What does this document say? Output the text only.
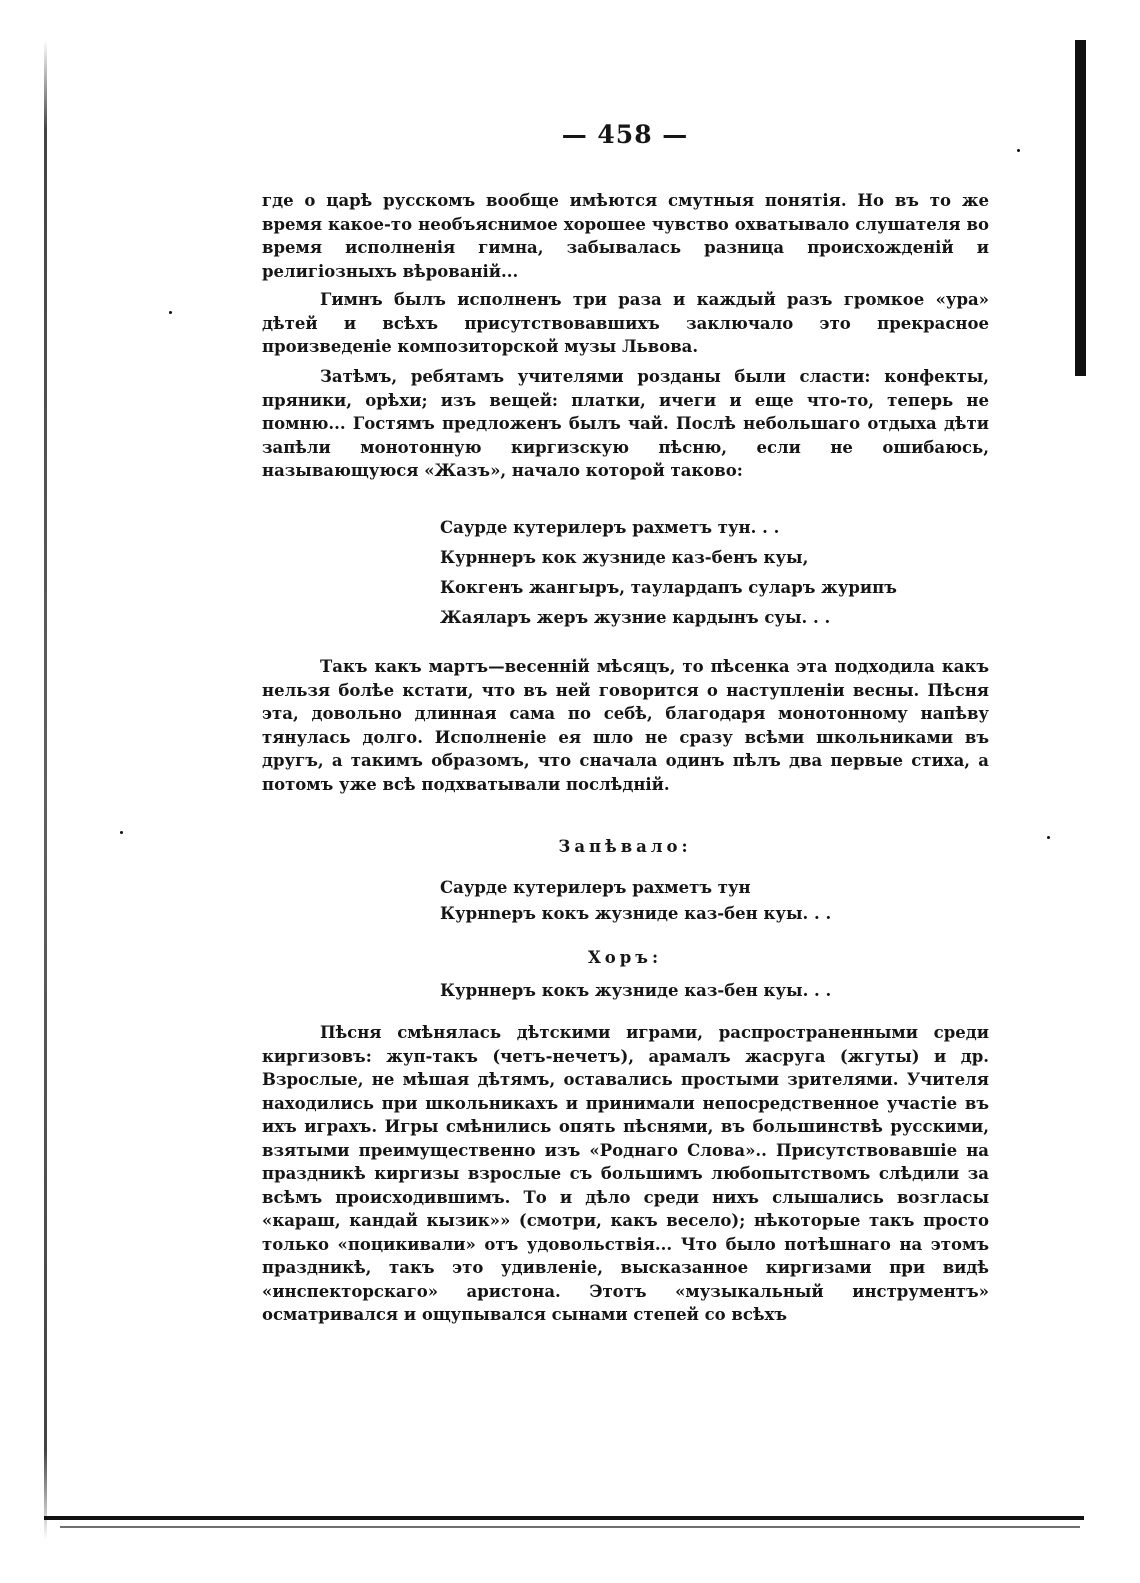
— 458 —

где о царѣ русскомъ вообще имѣются смутныя понятія. Но въ то же время какое-то необъяснимое хорошее чувство охватывало слушателя во время исполненія гимна, забывалась разница происхожденій и религіозныхъ вѣрованій...

Гимнъ былъ исполненъ три раза и каждый разъ громкое «ура» дѣтей и всѣхъ присутствовавшихъ заключало это прекрасное произведеніе композиторской музы Львова.

Затѣмъ, ребятамъ учителями розданы были сласти: конфекты, пряники, орѣхи; изъ вещей: платки, ичеги и еще что-то, теперь не помню... Гостямъ предложенъ былъ чай. Послѣ небольшаго отдыха дѣти запѣли монотонную киргизскую пѣсню, если не ошибаюсь, называющуюся «Жазъ», начало которой таково:

Саурде кутерилеръ рахметъ тун. . .
Курннеръ кок жузниде каз-бенъ куы,
Кокгенъ жангыръ, таулардапъ суларъ журипъ
Жаялаpъ жеръ жузние кардынъ суы. . .

Такъ какъ мартъ—весенній мѣсяцъ, то пѣсенка эта подходила какъ нельзя болѣе кстати, что въ ней говорится о наступленіи весны. Пѣсня эта, довольно длинная сама по себѣ, благодаря монотонному напѣву тянулась долго. Исполненіе ея шло не сразу всѣми школьниками въ другъ, а такимъ образомъ, что сначала одинъ пѣлъ два первые стиха, а потомъ уже всѣ подхватывали послѣдній.

Запѣвало:
Саурде кутерилеръ рахметъ тун
Курнnеръ кокъ жузниде каз-бен куы. . .
Хоръ:
Курннеръ кокъ жузниде каз-бен куы. . .

Пѣсня смѣнялась дѣтскими играми, распространенными среди киргизовъ: жуп-такъ (четъ-нечетъ), арамалъ жасруга (жгуты) и др. Взрослые, не мѣшая дѣтямъ, оставались простыми зрителями. Учителя находились при школьникахъ и принимали непосредственное участіе въ ихъ играхъ. Игры смѣнились опять пѣснями, въ большинствѣ русскими, взятыми преимущественно изъ «Роднаго Слова».. Присутствовавшіе на праздникѣ киргизы взрослые съ большимъ любопытствомъ слѣдили за всѣмъ происходившимъ. То и дѣло среди нихъ слышались возгласы «караш, кандай кызик»» (смотри, какъ весело); нѣкоторые такъ просто только «поцикивали» отъ удовольствія... Что было потѣшнаго на этомъ праздникѣ, такъ это удивленіе, высказанное киргизами при видѣ «инспекторскаго» аристона. Этотъ «музыкальный инструментъ» осматривался и ощупывался сынами степей со всѣхъ
